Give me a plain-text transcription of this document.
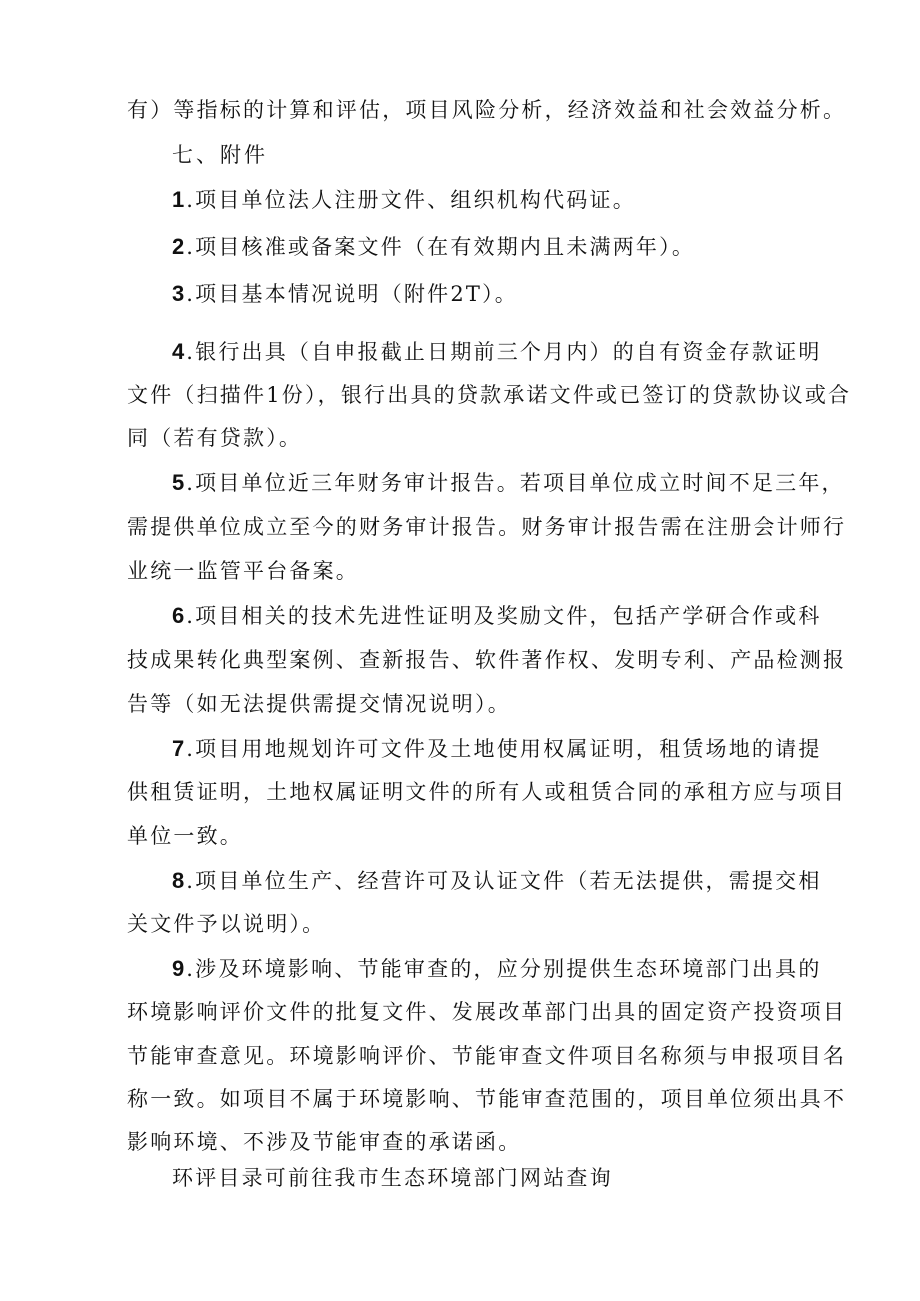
有）等指标的计算和评估，项目风险分析，经济效益和社会效益分析。
七、附件
1.项目单位法人注册文件、组织机构代码证。
2.项目核准或备案文件（在有效期内且未满两年）。
3.项目基本情况说明（附件2T）。
4.银行出具（自申报截止日期前三个月内）的自有资金存款证明
文件（扫描件1份），银行出具的贷款承诺文件或已签订的贷款协议或合
同（若有贷款）。
5.项目单位近三年财务审计报告。若项目单位成立时间不足三年，
需提供单位成立至今的财务审计报告。财务审计报告需在注册会计师行
业统一监管平台备案。
6.项目相关的技术先进性证明及奖励文件，包括产学研合作或科
技成果转化典型案例、查新报告、软件著作权、发明专利、产品检测报
告等（如无法提供需提交情况说明）。
7.项目用地规划许可文件及土地使用权属证明，租赁场地的请提
供租赁证明，土地权属证明文件的所有人或租赁合同的承租方应与项目
单位一致。
8.项目单位生产、经营许可及认证文件（若无法提供，需提交相
关文件予以说明）。
9.涉及环境影响、节能审查的，应分别提供生态环境部门出具的
环境影响评价文件的批复文件、发展改革部门出具的固定资产投资项目
节能审查意见。环境影响评价、节能审查文件项目名称须与申报项目名
称一致。如项目不属于环境影响、节能审查范围的，项目单位须出具不
影响环境、不涉及节能审查的承诺函。
环评目录可前往我市生态环境部门网站查询
